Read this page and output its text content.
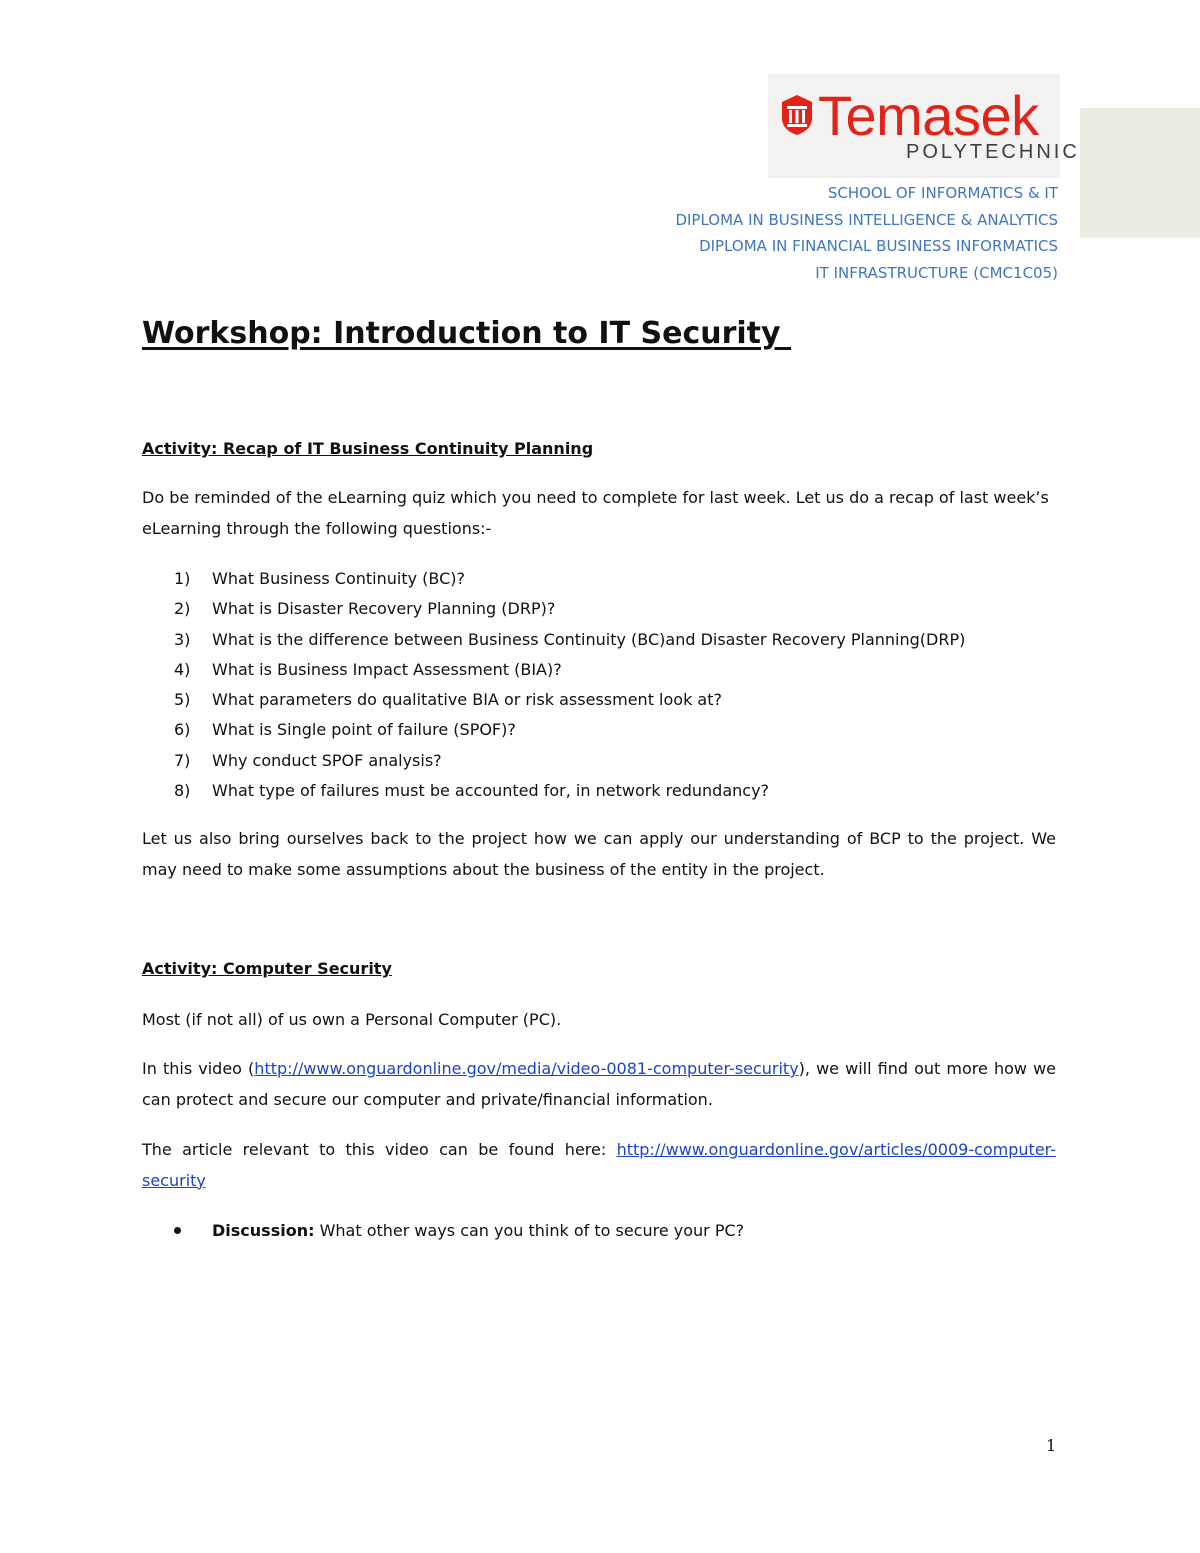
Temasek
POLYTECHNIC
SCHOOL OF INFORMATICS & IT
DIPLOMA IN BUSINESS INTELLIGENCE & ANALYTICS
DIPLOMA IN FINANCIAL BUSINESS INFORMATICS
IT INFRASTRUCTURE (CMC1C05)
Workshop: Introduction to IT Security
Activity: Recap of IT Business Continuity Planning

Do be reminded of the eLearning quiz which you need to complete for last week. Let us do a recap of last week’s eLearning through the following questions:-

1) What Business Continuity (BC)?
2) What is Disaster Recovery Planning (DRP)?
3) What is the difference between Business Continuity (BC)and Disaster Recovery Planning(DRP)
4) What is Business Impact Assessment (BIA)?
5) What parameters do qualitative BIA or risk assessment look at?
6) What is Single point of failure (SPOF)?
7) Why conduct SPOF analysis?
8) What type of failures must be accounted for, in network redundancy?

Let us also bring ourselves back to the project how we can apply our understanding of BCP to the project. We may need to make some assumptions about the business of the entity in the project.

Activity: Computer Security

Most (if not all) of us own a Personal Computer (PC).

In this video (http://www.onguardonline.gov/media/video-0081-computer-security), we will find out more how we can protect and secure our computer and private/financial information.

The article relevant to this video can be found here: http://www.onguardonline.gov/articles/0009-computer-security

Discussion: What other ways can you think of to secure your PC?
1
